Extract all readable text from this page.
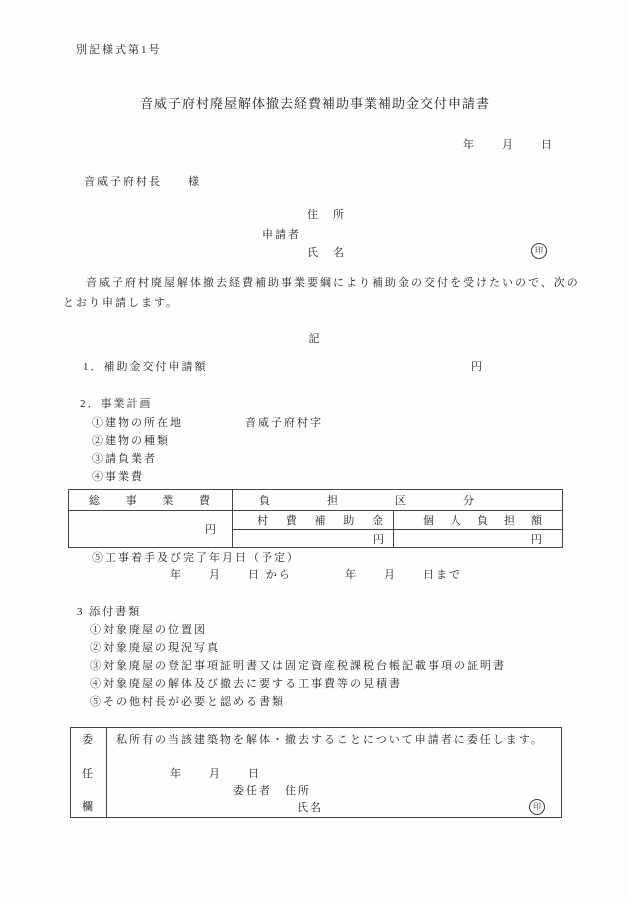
別記様式第1号
音威子府村廃屋解体撤去経費補助事業補助金交付申請書
年　　月　　日
音威子府村長　　様
住　所
申請者
氏　名	印
　音威子府村廃屋解体撤去経費補助事業要綱により補助金の交付を受けたいので、次の
とおり申請します。
記
1．補助金交付申請額	円
2．事業計画
①建物の所在地	音威子府村字
②建物の種類
③請負業者
④事業費
総　事　業　費	負　担　区　分	
円	村　費　補　助　金	個　人　負　担　額
	円	円
⑤工事着手及び完了年月日（予定）
年　　月　　日 から	年　　月　　日まで
3 添付書類
①対象廃屋の位置図
②対象廃屋の現況写真
③対象廃屋の登記事項証明書又は固定資産税課税台帳記載事項の証明書
④対象廃屋の解体及び撤去に要する工事費等の見積書
⑤その他村長が必要と認める書類
委
任
欄
私所有の当該建築物を解体・撤去することについて申請者に委任します。
年　　月　　日
委任者　住所
氏名	印
